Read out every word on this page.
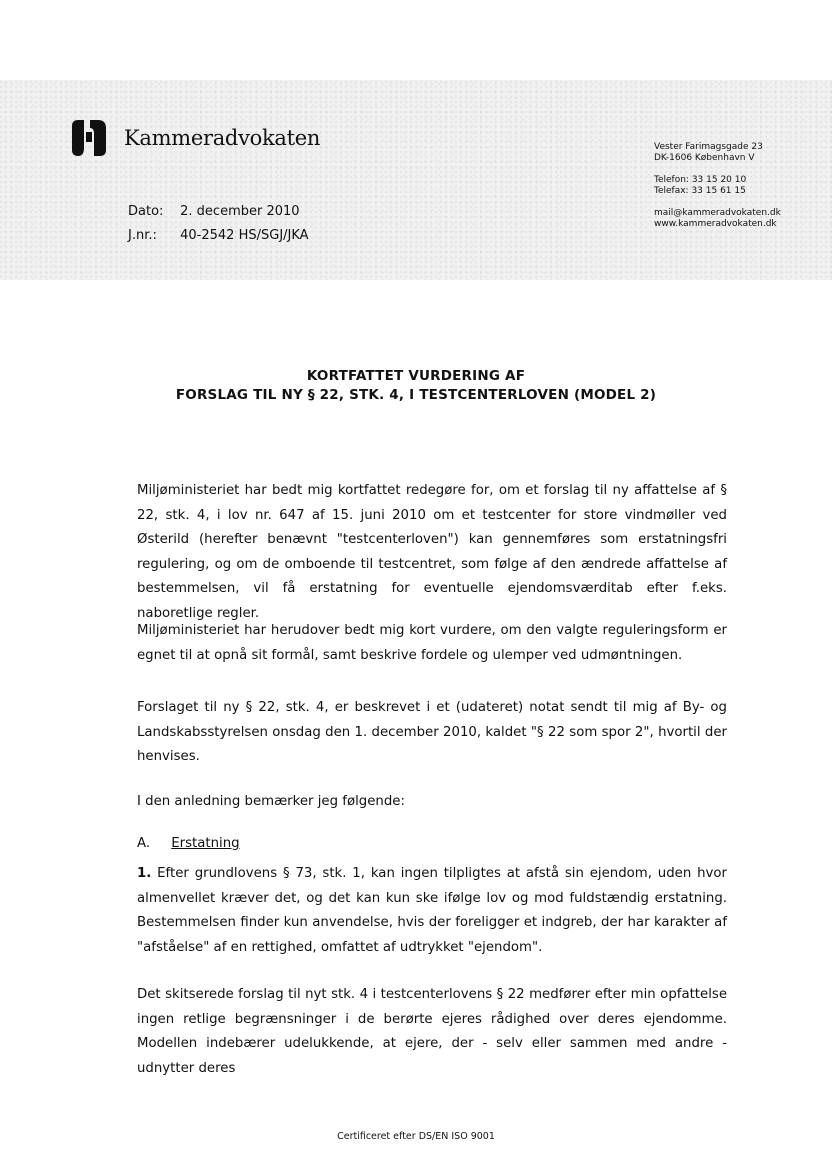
Kammeradvokaten
Dato: 2. december 2010
J.nr.: 40-2542 HS/SGJ/JKA
Vester Farimagsgade 23
DK-1606 København V
Telefon: 33 15 20 10
Telefax: 33 15 61 15
mail@kammeradvokaten.dk
www.kammeradvokaten.dk
KORTFATTET VURDERING AF
FORSLAG TIL NY § 22, STK. 4, I TESTCENTERLOVEN (MODEL 2)
Miljøministeriet har bedt mig kortfattet redegøre for, om et forslag til ny affattelse af § 22, stk. 4, i lov nr. 647 af 15. juni 2010 om et testcenter for store vindmøller ved Østerild (herefter benævnt "testcenterloven") kan gennemføres som erstatningsfri regulering, og om de omboende til testcentret, som følge af den ændrede affattelse af bestemmelsen, vil få erstatning for eventuelle ejendomsværditab efter f.eks. naboretlige regler.
Miljøministeriet har herudover bedt mig kort vurdere, om den valgte reguleringsform er egnet til at opnå sit formål, samt beskrive fordele og ulemper ved udmøntningen.
Forslaget til ny § 22, stk. 4, er beskrevet i et (udateret) notat sendt til mig af By- og Landskabsstyrelsen onsdag den 1. december 2010, kaldet "§ 22 som spor 2", hvortil der henvises.
I den anledning bemærker jeg følgende:
A. Erstatning
1. Efter grundlovens § 73, stk. 1, kan ingen tilpligtes at afstå sin ejendom, uden hvor almenvellet kræver det, og det kan kun ske ifølge lov og mod fuldstændig erstatning. Bestemmelsen finder kun anvendelse, hvis der foreligger et indgreb, der har karakter af "afståelse" af en rettighed, omfattet af udtrykket "ejendom".
Det skitserede forslag til nyt stk. 4 i testcenterlovens § 22 medfører efter min opfattelse ingen retlige begrænsninger i de berørte ejeres rådighed over deres ejendomme. Modellen indebærer udelukkende, at ejere, der - selv eller sammen med andre - udnytter deres
Certificeret efter DS/EN ISO 9001
